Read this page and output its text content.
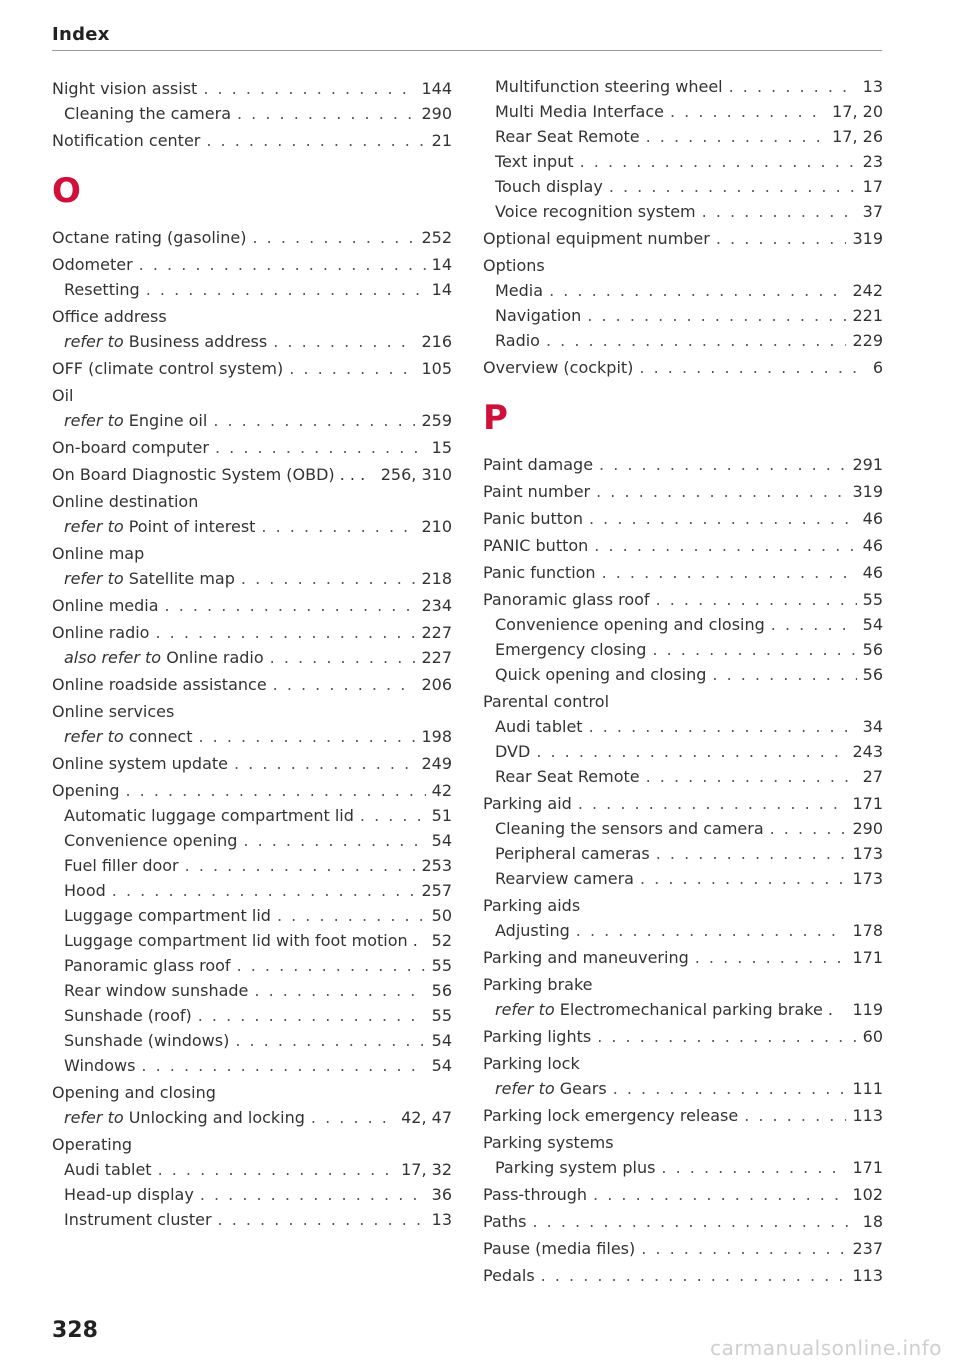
Index
Night vision assist . . .	144
Cleaning the camera . . .	290
Notification center . . .	21
O
Octane rating (gasoline) . . .	252
Odometer . . .	14
Resetting . . .	14
Office address
refer to Business address . . .	216
OFF (climate control system) . . .	105
Oil
refer to Engine oil . . .	259
On-board computer . . .	15
On Board Diagnostic System (OBD) . . . 256, 310
Online destination
refer to Point of interest . . .	210
Online map
refer to Satellite map . . .	218
Online media . . .	234
Online radio . . .	227
also refer to Online radio . . .	227
Online roadside assistance . . .	206
Online services
refer to connect . . .	198
Online system update . . .	249
Opening . . .	42
Automatic luggage compartment lid . . .	51
Convenience opening . . .	54
Fuel filler door . . .	253
Hood . . .	257
Luggage compartment lid . . .	50
Luggage compartment lid with foot motion . 52
Panoramic glass roof . . .	55
Rear window sunshade . . .	56
Sunshade (roof) . . .	55
Sunshade (windows) . . .	54
Windows . . .	54
Opening and closing
refer to Unlocking and locking . . .	42, 47
Operating
Audi tablet . . .	17, 32
Head-up display . . .	36
Instrument cluster . . .	13
Multifunction steering wheel . . .	13
Multi Media Interface . . .	17, 20
Rear Seat Remote . . .	17, 26
Text input . . .	23
Touch display . . .	17
Voice recognition system . . .	37
Optional equipment number . . .	319
Options
Media . . .	242
Navigation . . .	221
Radio . . .	229
Overview (cockpit) . . .	6
P
Paint damage . . .	291
Paint number . . .	319
Panic button . . .	46
PANIC button . . .	46
Panic function . . .	46
Panoramic glass roof . . .	55
Convenience opening and closing . . .	54
Emergency closing . . .	56
Quick opening and closing . . .	56
Parental control
Audi tablet . . .	34
DVD . . .	243
Rear Seat Remote . . .	27
Parking aid . . .	171
Cleaning the sensors and camera . . .	290
Peripheral cameras . . .	173
Rearview camera . . .	173
Parking aids
Adjusting . . .	178
Parking and maneuvering . . .	171
Parking brake
refer to Electromechanical parking brake . 119
Parking lights . . .	60
Parking lock
refer to Gears . . .	111
Parking lock emergency release . . .	113
Parking systems
Parking system plus . . .	171
Pass-through . . .	102
Paths . . .	18
Pause (media files) . . .	237
Pedals . . .	113
328
carmanualsonline.info
